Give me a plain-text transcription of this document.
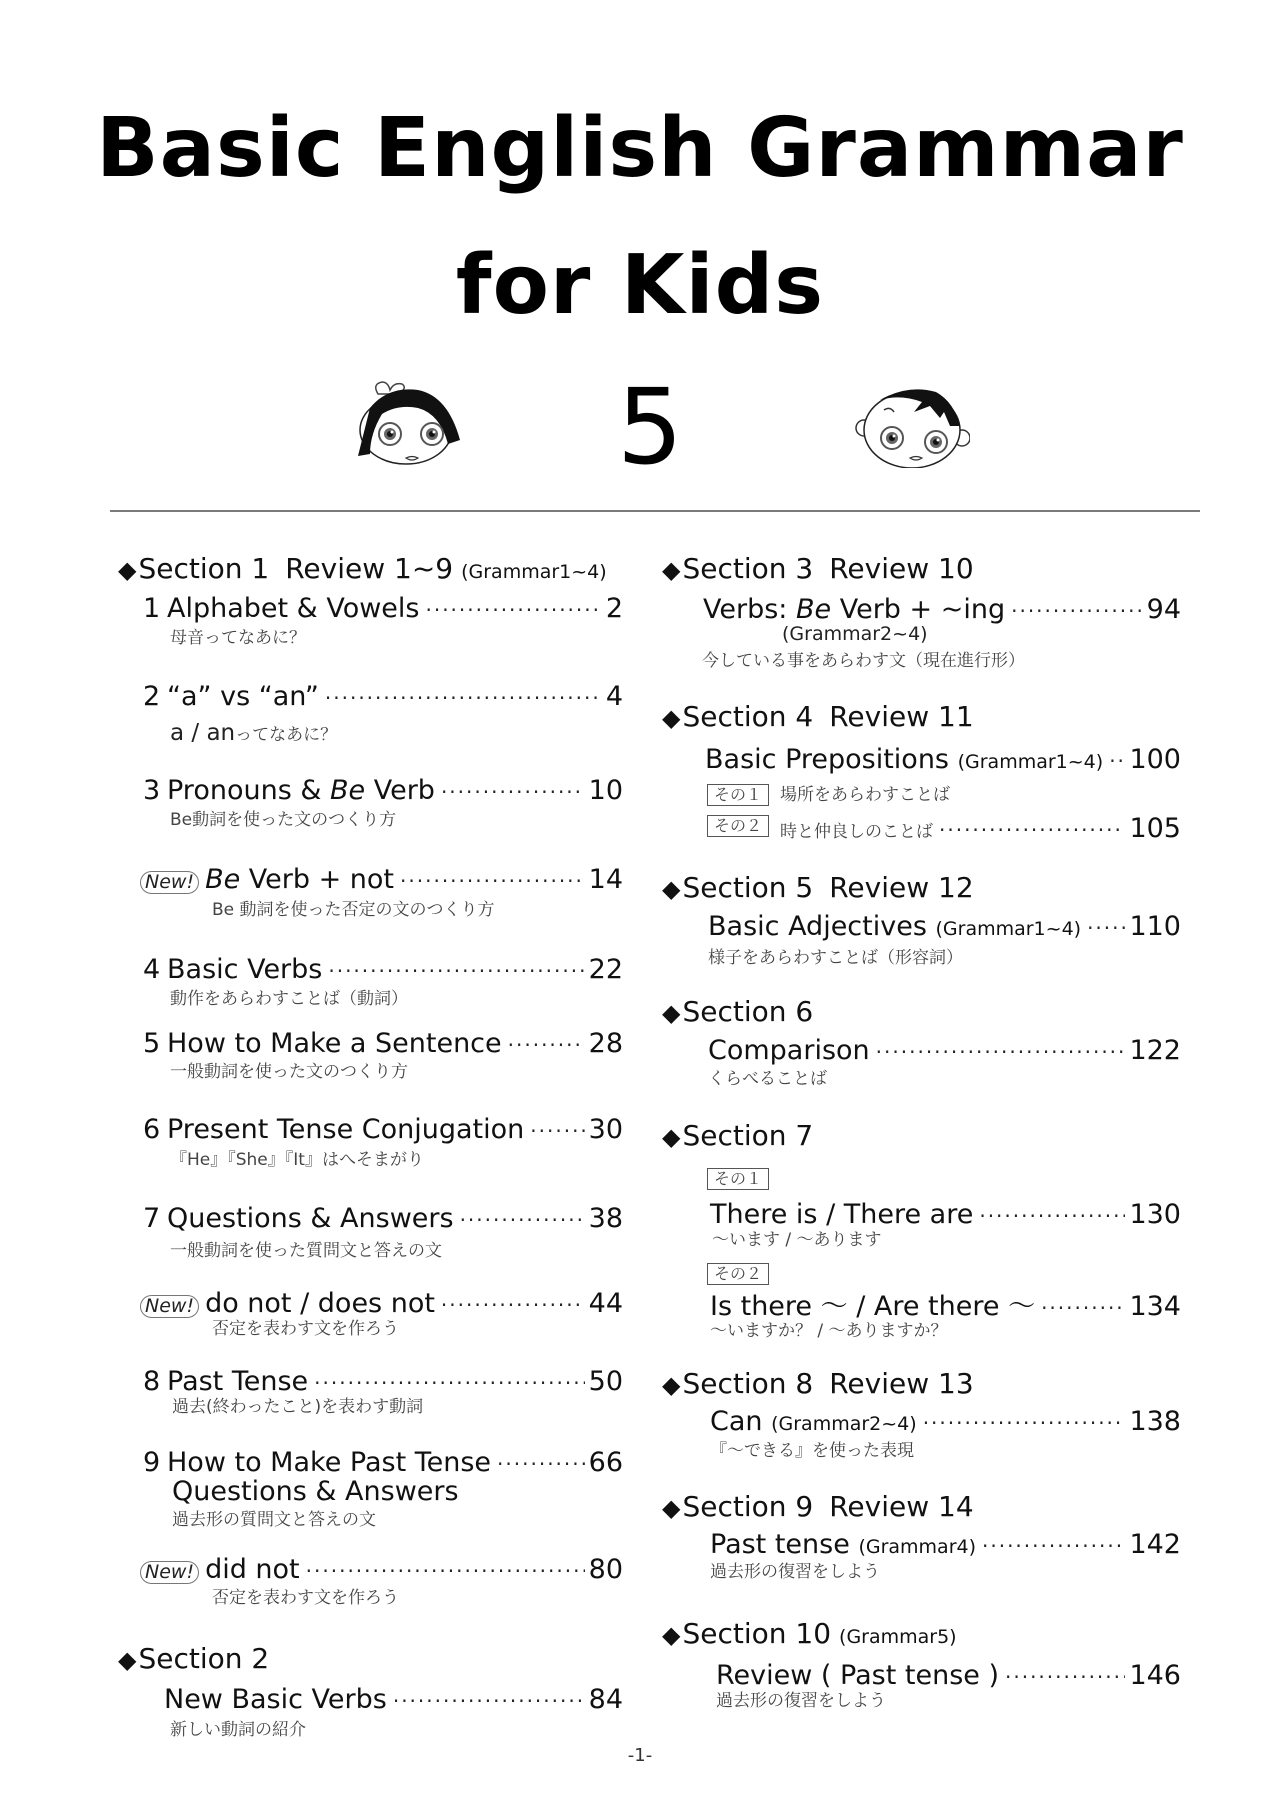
Basic English Grammar
for Kids
5
◆Section 1 Review 1~9 (Grammar1~4)
1 Alphabet & Vowels ·····	2
母音ってなあに？
2 “a” vs “an” ·····	4
a / anってなあに？
3 Pronouns & Be Verb ·····	10
Be動詞を使った文のつくり方
New! Be Verb + not ·····	14
Be 動詞を使った否定の文のつくり方
4 Basic Verbs ·····	22
動作をあらわすことば（動詞）
5 How to Make a Sentence ·····	28
一般動詞を使った文のつくり方
6 Present Tense Conjugation ····· 30
『He』『She』『It』はへそまがり
7 Questions & Answers ·····	38
一般動詞を使った質問文と答えの文
New! do not / does not ·····	44
否定を表わす文を作ろう
8 Past Tense ·····	50
過去(終わったこと)を表わす動詞
9 How to Make Past Tense ·····	66
Questions & Answers
過去形の質問文と答えの文
New! did not ·····	80
否定を表わす文を作ろう
◆Section 2
New Basic Verbs ·····	84
新しい動詞の紹介
◆Section 3 Review 10
Verbs: Be Verb + ~ing ·····	94
(Grammar2~4)
今している事をあらわす文（現在進行形）
◆Section 4 Review 11
Basic Prepositions (Grammar1~4) ····· 100
その１	場所をあらわすことば
その２	時と仲良しのことば ·····	105
◆Section 5 Review 12
Basic Adjectives (Grammar1~4) ····· 110
様子をあらわすことば（形容詞）
◆Section 6
Comparison ·····	122
くらべることば
◆Section 7
その１
There is / There are ·····	130
～います / ～あります
その２
Is there ～ / Are there ～ ·····	134
～いますか？ / ～ありますか？
◆Section 8 Review 13
Can (Grammar2~4) ·····	138
『～できる』を使った表現
◆Section 9 Review 14
Past tense (Grammar4) ·····	142
過去形の復習をしよう
◆Section 10 (Grammar5)
Review ( Past tense ) ·····	146
過去形の復習をしよう
-1-
